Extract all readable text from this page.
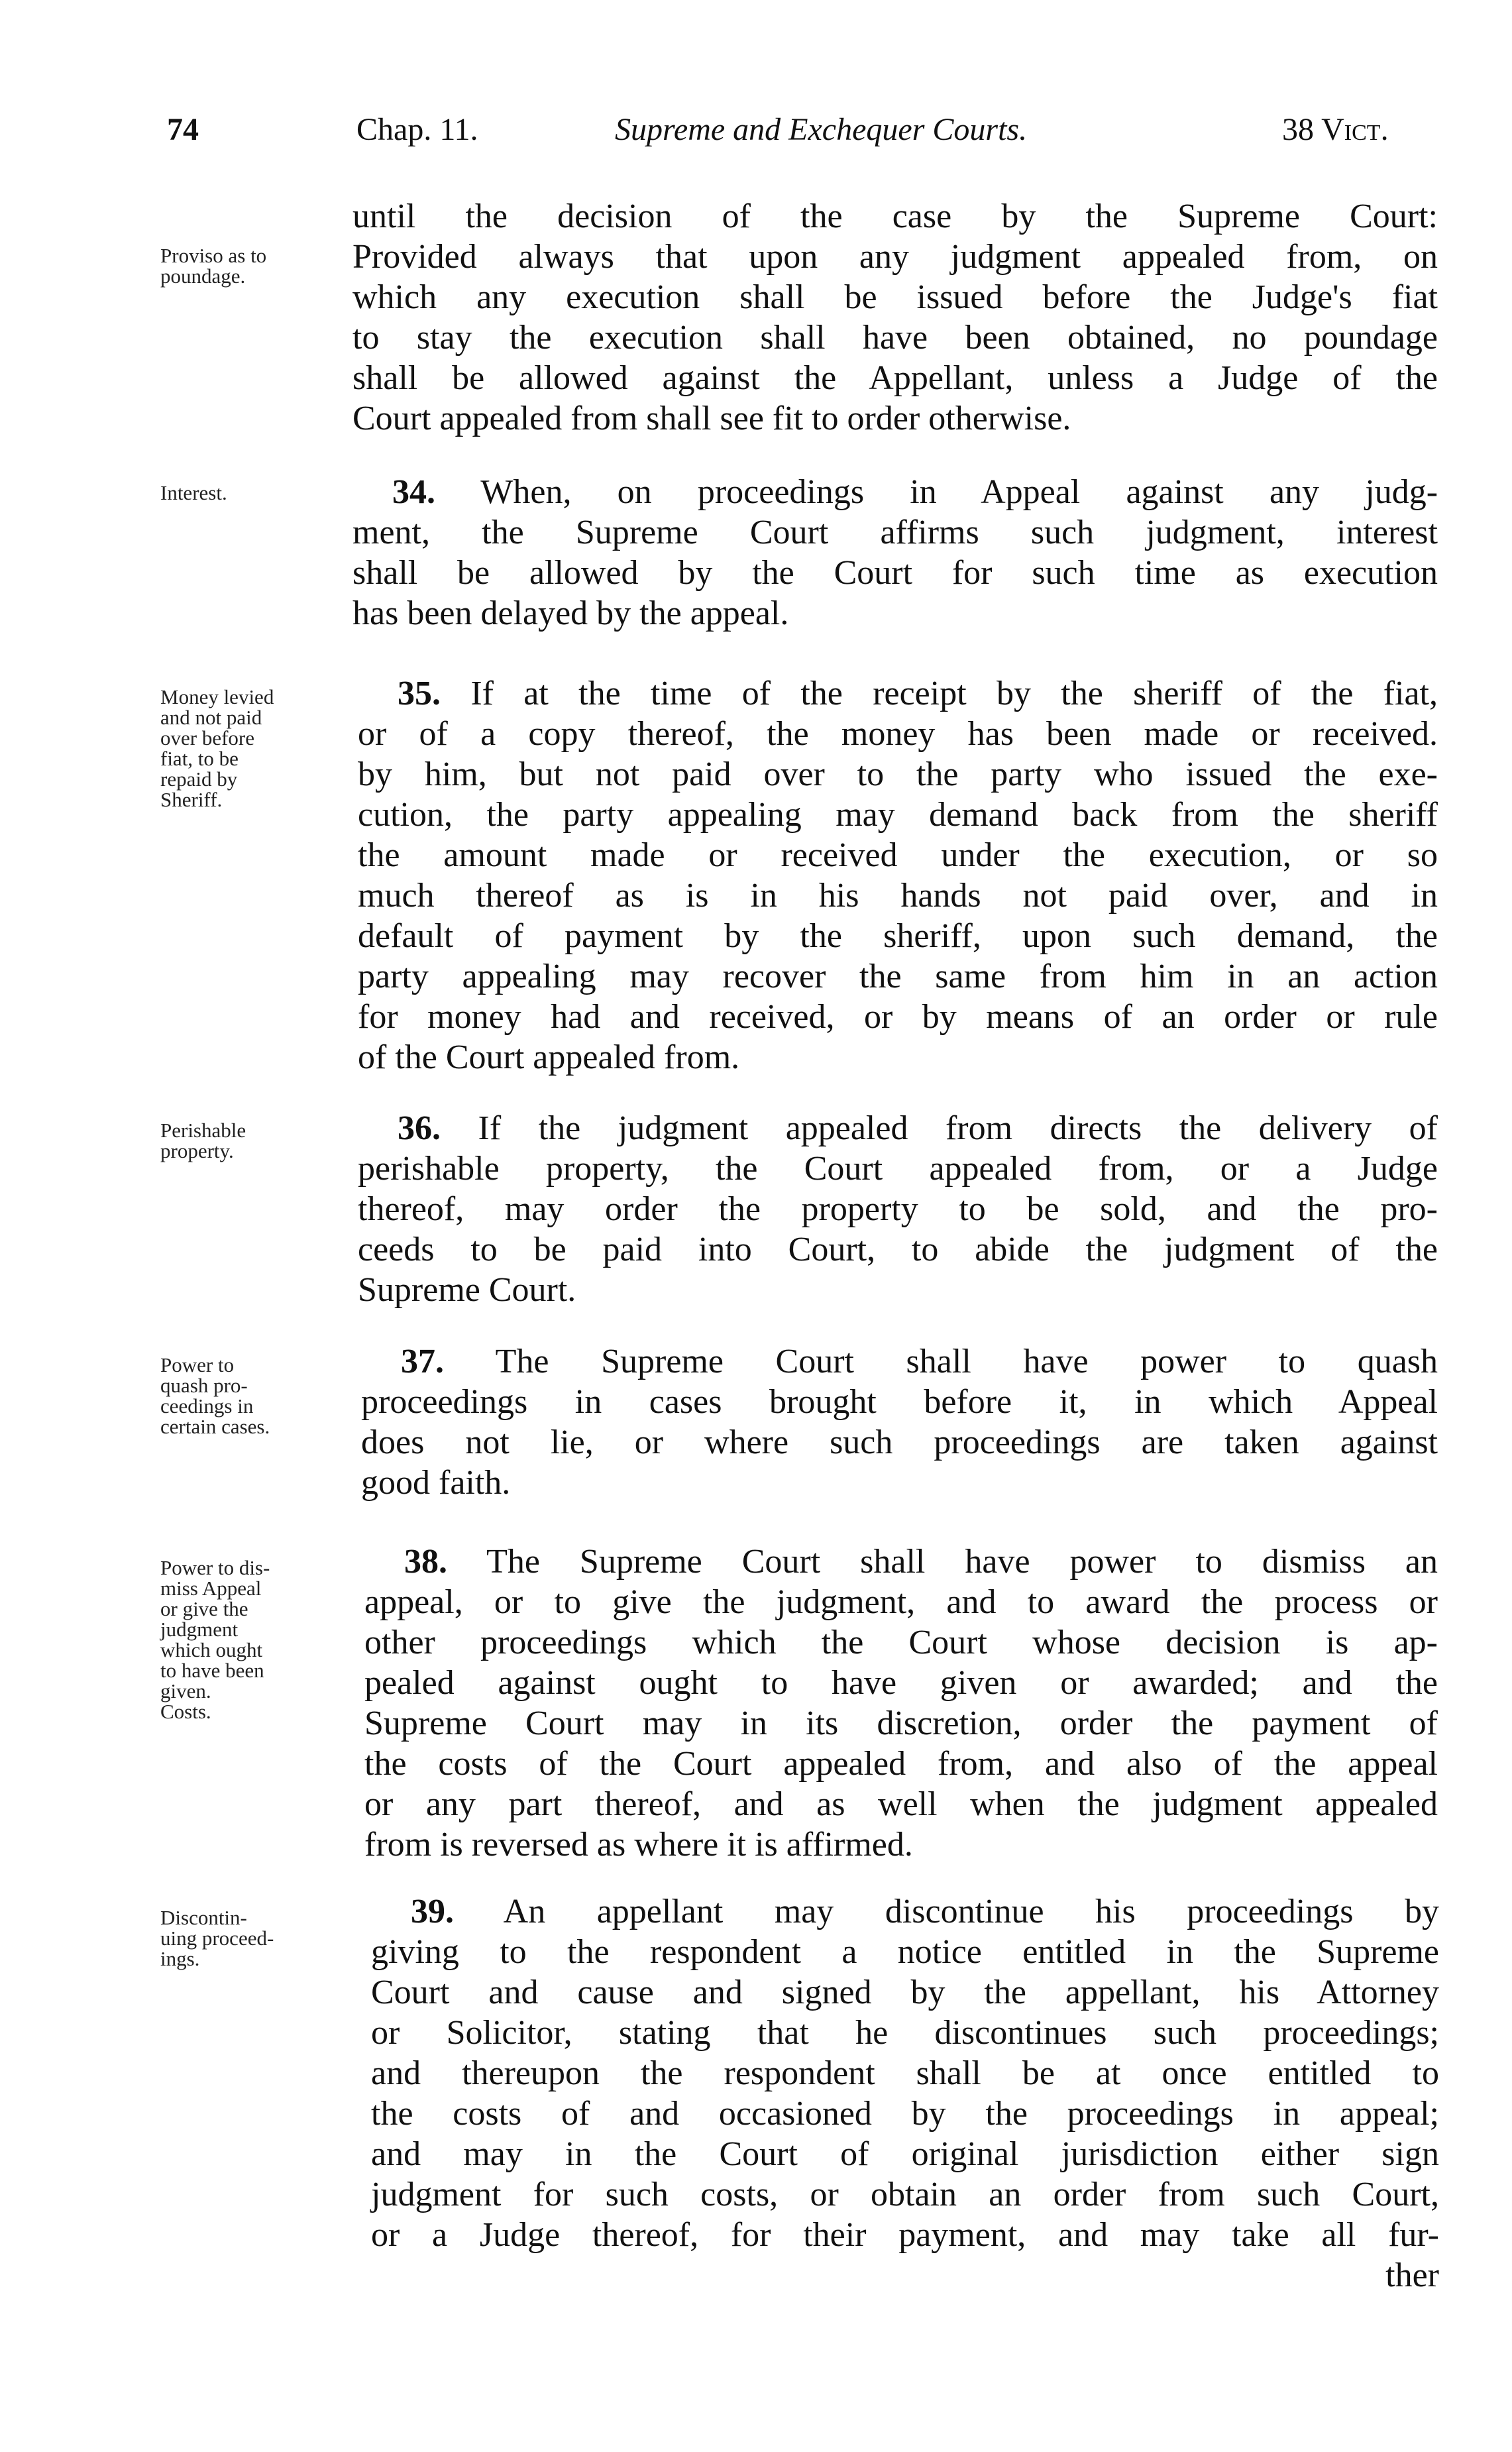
74	Chap. 11.	Supreme and Exchequer Courts.	38 Vict.
Proviso as to
poundage.
until the decision of the case by the Supreme Court:
Provided always that upon any judgment appealed from, on
which any execution shall be issued before the Judge's fiat
to stay the execution shall have been obtained, no poundage
shall be allowed against the Appellant, unless a Judge of the
Court appealed from shall see fit to order otherwise.
Interest.	34. When, on proceedings in Appeal against any judg-
ment, the Supreme Court affirms such judgment, interest
shall be allowed by the Court for such time as execution
has been delayed by the appeal.
Money levied
and not paid
over before
fiat, to be
repaid by
Sheriff.
35. If at the time of the receipt by the sheriff of the fiat,
or of a copy thereof, the money has been made or received.
by him, but not paid over to the party who issued the exe-
cution, the party appealing may demand back from the sheriff
the amount made or received under the execution, or so
much thereof as is in his hands not paid over, and in
default of payment by the sheriff, upon such demand, the
party appealing may recover the same from him in an action
for money had and received, or by means of an order or rule
of the Court appealed from.
Perishable
property.
36. If the judgment appealed from directs the delivery of
perishable property, the Court appealed from, or a Judge
thereof, may order the property to be sold, and the pro-
ceeds to be paid into Court, to abide the judgment of the
Supreme Court.
Power to
quash pro-
ceedings in
certain cases.
37. The Supreme Court shall have power to quash
proceedings in cases brought before it, in which Appeal
does not lie, or where such proceedings are taken against
good faith.
Power to dis-
miss Appeal
or give the
judgment
which ought
to have been
given.
Costs.
38. The Supreme Court shall have power to dismiss an
appeal, or to give the judgment, and to award the process or
other proceedings which the Court whose decision is ap-
pealed against ought to have given or awarded; and the
Supreme Court may in its discretion, order the payment of
the costs of the Court appealed from, and also of the appeal
or any part thereof, and as well when the judgment appealed
from is reversed as where it is affirmed.
Discontin-
uing proceed-
ings.
39. An appellant may discontinue his proceedings by
giving to the respondent a notice entitled in the Supreme
Court and cause and signed by the appellant, his Attorney
or Solicitor, stating that he discontinues such proceedings;
and thereupon the respondent shall be at once entitled to
the costs of and occasioned by the proceedings in appeal;
and may in the Court of original jurisdiction either sign
judgment for such costs, or obtain an order from such Court,
or a Judge thereof, for their payment, and may take all fur-
ther
